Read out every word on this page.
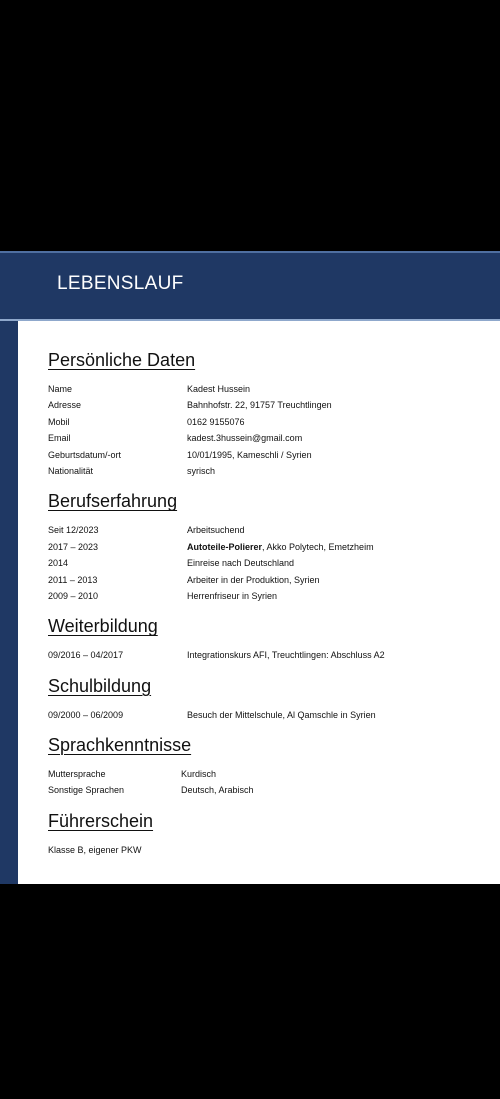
LEBENSLAUF
Persönliche Daten
Name	Kadest Hussein
Adresse	Bahnhofstr. 22, 91757 Treuchtlingen
Mobil	0162 9155076
Email	kadest.3hussein@gmail.com
Geburtsdatum/-ort	10/01/1995, Kameschli / Syrien
Nationalität	syrisch
Berufserfahrung
Seit 12/2023	Arbeitsuchend
2017 – 2023	Autoteile-Polierer, Akko Polytech, Emetzheim
2014	Einreise nach Deutschland
2011 – 2013	Arbeiter in der Produktion, Syrien
2009 – 2010	Herrenfriseur in Syrien
Weiterbildung
09/2016 – 04/2017	Integrationskurs AFI, Treuchtlingen: Abschluss A2
Schulbildung
09/2000 – 06/2009	Besuch der Mittelschule, Al Qamschle in Syrien
Sprachkenntnisse
Muttersprache	Kurdisch
Sonstige Sprachen	Deutsch, Arabisch
Führerschein
Klasse B, eigener PKW
